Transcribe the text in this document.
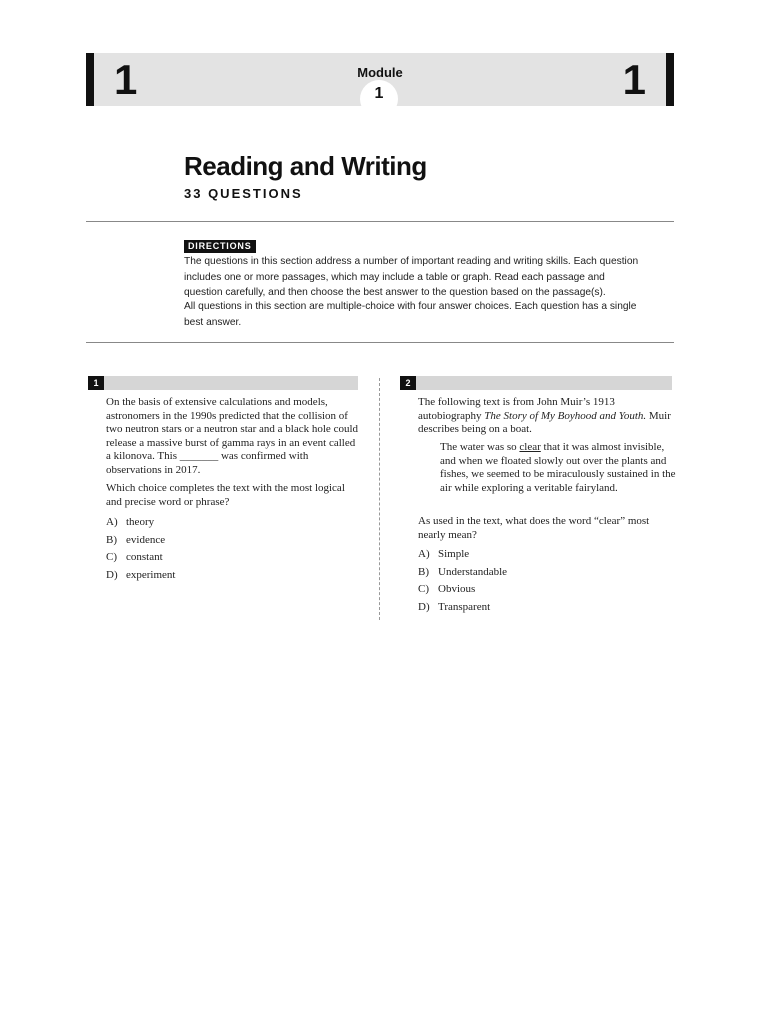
1	Module
1	1
Reading and Writing
33 QUESTIONS
DIRECTIONS
The questions in this section address a number of important reading and writing skills. Each question includes one or more passages, which may include a table or graph. Read each passage and question carefully, and then choose the best answer to the question based on the passage(s).
All questions in this section are multiple-choice with four answer choices. Each question has a single best answer.
1
On the basis of extensive calculations and models, astronomers in the 1990s predicted that the collision of two neutron stars or a neutron star and a black hole could release a massive burst of gamma rays in an event called a kilonova. This _______ was confirmed with observations in 2017.
Which choice completes the text with the most logical and precise word or phrase?
A) theory
B) evidence
C) constant
D) experiment
2
The following text is from John Muir’s 1913 autobiography The Story of My Boyhood and Youth. Muir describes being on a boat.
The water was so clear that it was almost invisible, and when we floated slowly out over the plants and fishes, we seemed to be miraculously sustained in the air while exploring a veritable fairyland.
As used in the text, what does the word “clear” most nearly mean?
A) Simple
B) Understandable
C) Obvious
D) Transparent
